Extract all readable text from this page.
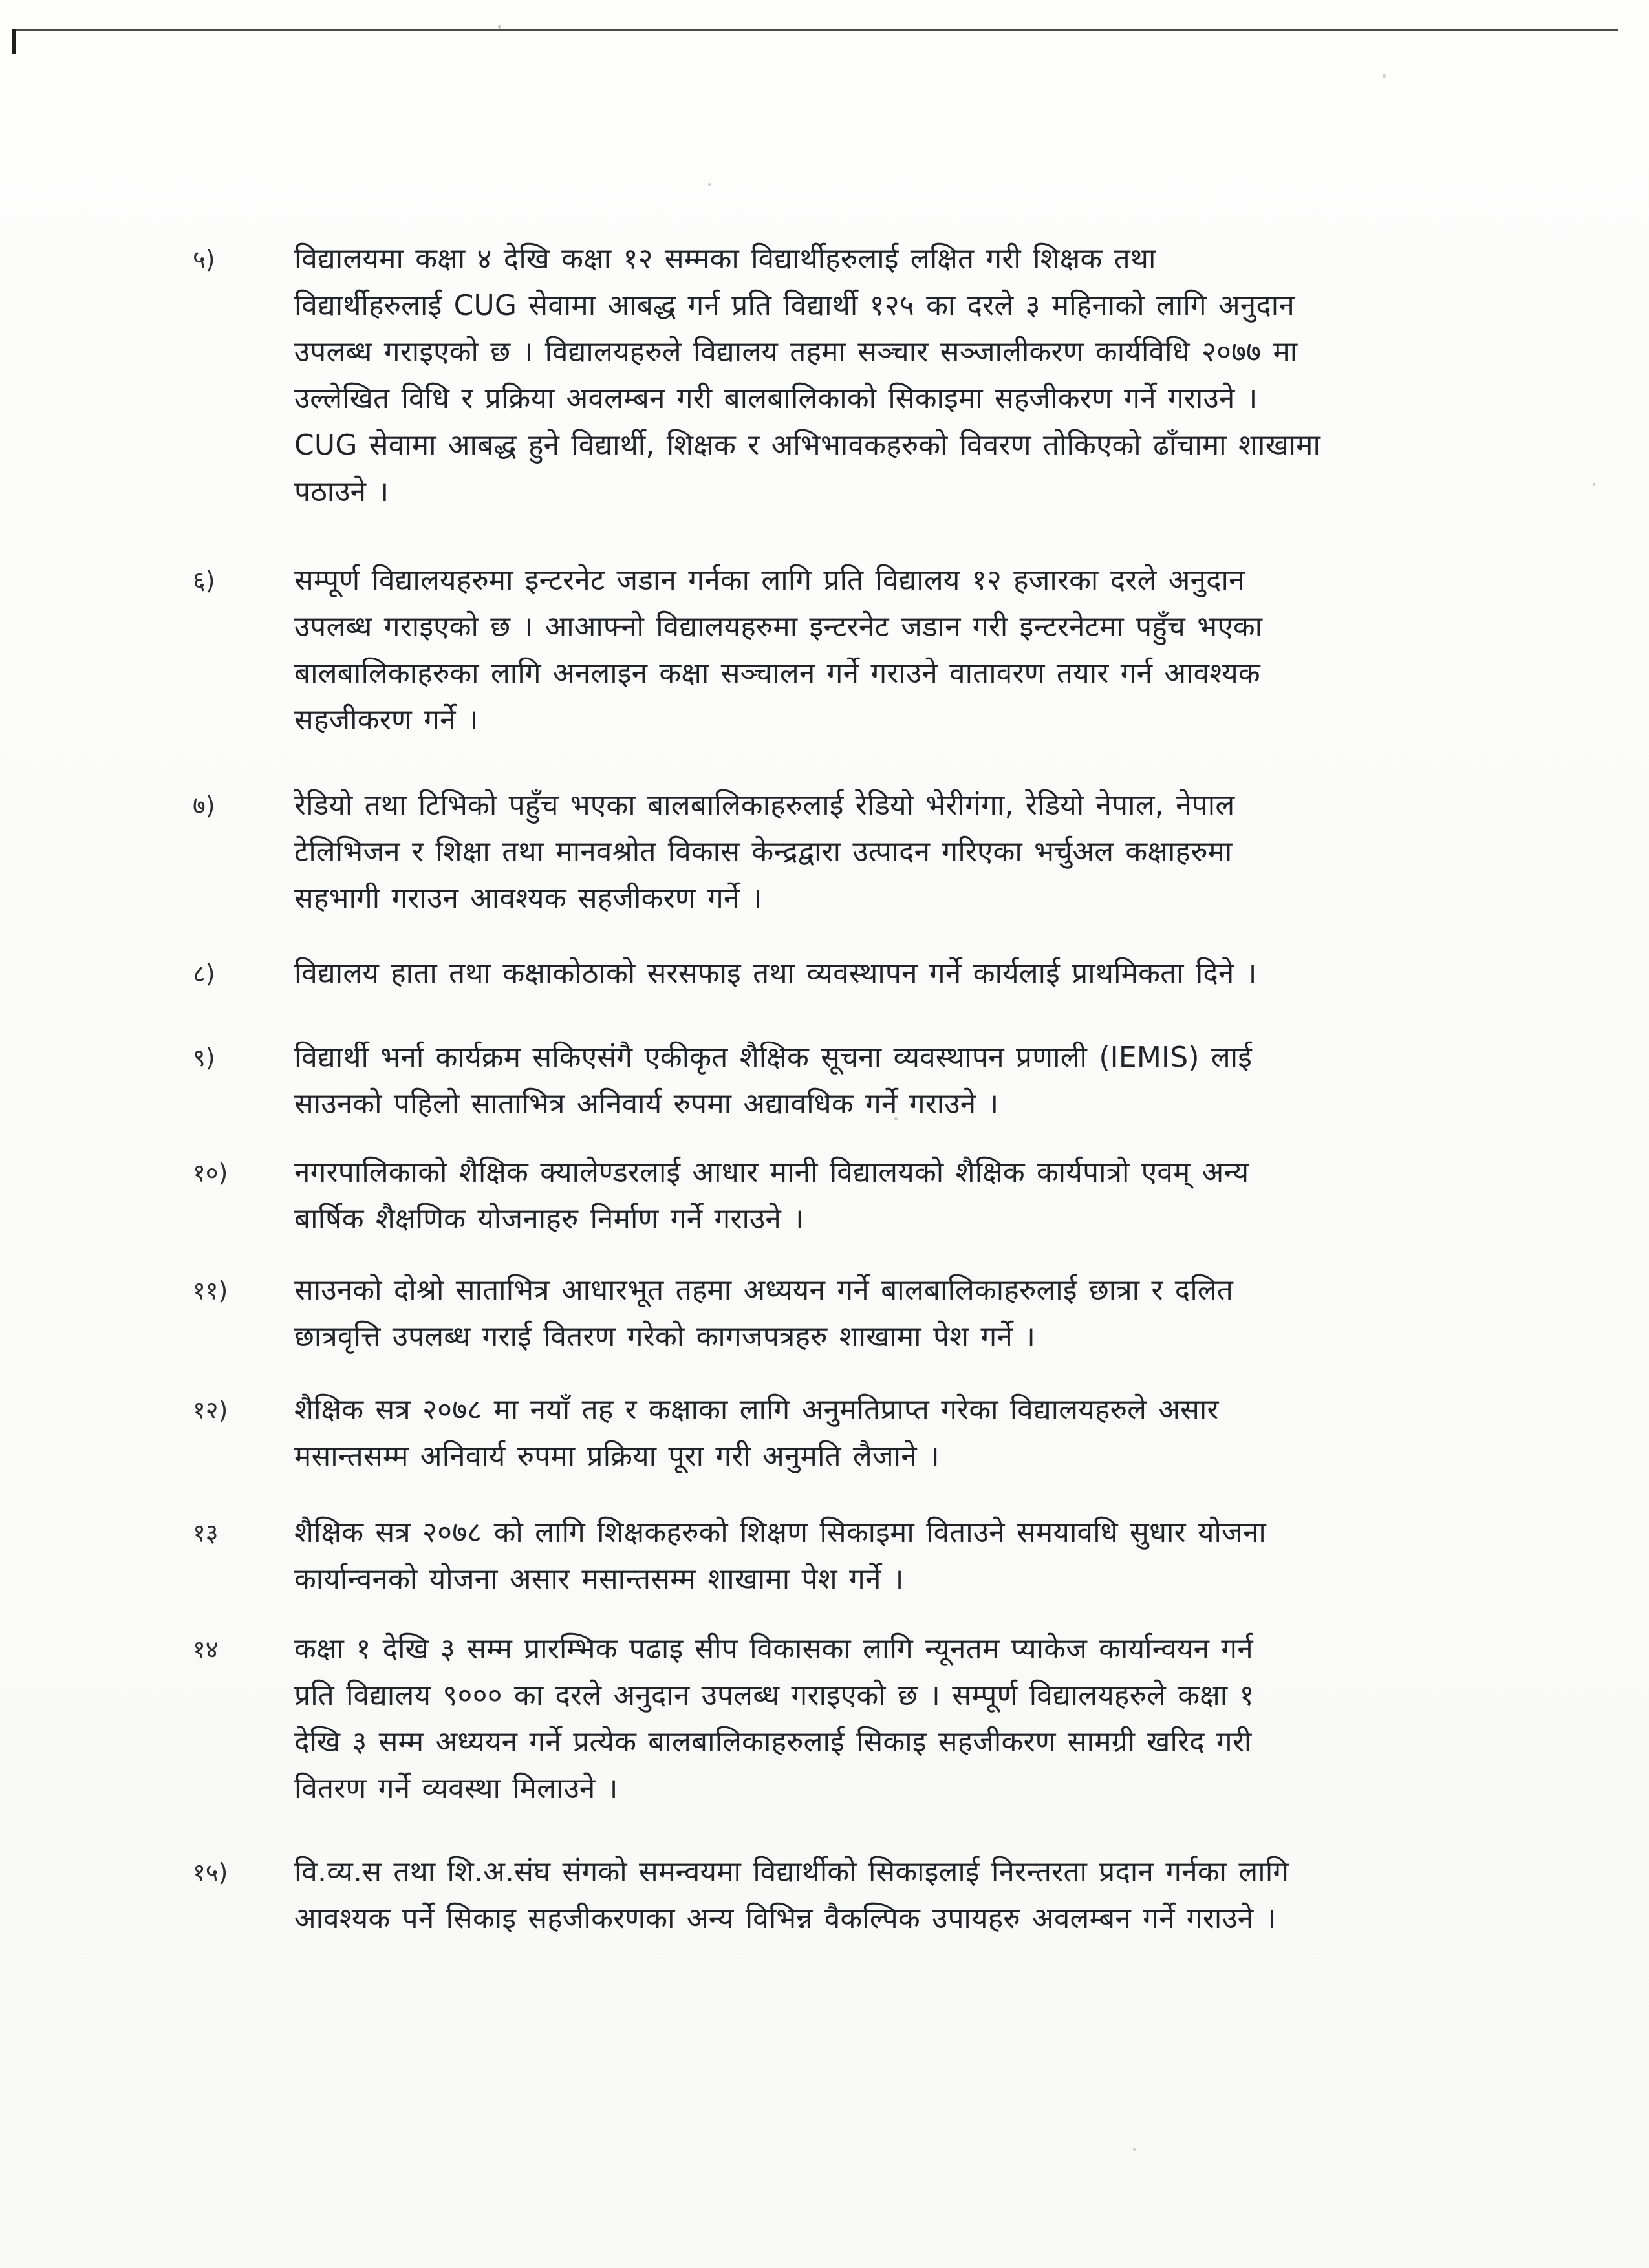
५)	विद्यालयमा कक्षा ४ देखि कक्षा १२ सम्मका विद्यार्थीहरुलाई लक्षित गरी शिक्षक तथा
विद्यार्थीहरुलाई CUG सेवामा आबद्ध गर्न प्रति विद्यार्थी १२५ का दरले ३ महिनाको लागि अनुदान
उपलब्ध गराइएको छ । विद्यालयहरुले विद्यालय तहमा सञ्चार सञ्जालीकरण कार्यविधि २०७७ मा
उल्लेखित विधि र प्रक्रिया अवलम्बन गरी बालबालिकाको सिकाइमा सहजीकरण गर्ने गराउने ।
CUG सेवामा आबद्ध हुने विद्यार्थी, शिक्षक र अभिभावकहरुको विवरण तोकिएको ढाँचामा शाखामा
पठाउने ।
६)	सम्पूर्ण विद्यालयहरुमा इन्टरनेट जडान गर्नका लागि प्रति विद्यालय १२ हजारका दरले अनुदान
उपलब्ध गराइएको छ । आआफ्नो विद्यालयहरुमा इन्टरनेट जडान गरी इन्टरनेटमा पहुँच भएका
बालबालिकाहरुका लागि अनलाइन कक्षा सञ्चालन गर्ने गराउने वातावरण तयार गर्न आवश्यक
सहजीकरण गर्ने ।
७)	रेडियो तथा टिभिको पहुँच भएका बालबालिकाहरुलाई रेडियो भेरीगंगा, रेडियो नेपाल, नेपाल
टेलिभिजन र शिक्षा तथा मानवश्रोत विकास केन्द्रद्वारा उत्पादन गरिएका भर्चुअल कक्षाहरुमा
सहभागी गराउन आवश्यक सहजीकरण गर्ने ।
८)	विद्यालय हाता तथा कक्षाकोठाको सरसफाइ तथा व्यवस्थापन गर्ने कार्यलाई प्राथमिकता दिने ।
९)	विद्यार्थी भर्ना कार्यक्रम सकिएसंगै एकीकृत शैक्षिक सूचना व्यवस्थापन प्रणाली (IEMIS) लाई
साउनको पहिलो साताभित्र अनिवार्य रुपमा अद्यावधिक गर्ने गराउने ।
१०) नगरपालिकाको शैक्षिक क्यालेण्डरलाई आधार मानी विद्यालयको शैक्षिक कार्यपात्रो एवम् अन्य
बार्षिक शैक्षणिक योजनाहरु निर्माण गर्ने गराउने ।
११) साउनको दोश्रो साताभित्र आधारभूत तहमा अध्ययन गर्ने बालबालिकाहरुलाई छात्रा र दलित
छात्रवृत्ति उपलब्ध गराई वितरण गरेको कागजपत्रहरु शाखामा पेश गर्ने ।
१२) शैक्षिक सत्र २०७८ मा नयाँ तह र कक्षाका लागि अनुमतिप्राप्त गरेका विद्यालयहरुले असार
मसान्तसम्म अनिवार्य रुपमा प्रक्रिया पूरा गरी अनुमति लैजाने ।
१३	शैक्षिक सत्र २०७८ को लागि शिक्षकहरुको शिक्षण सिकाइमा विताउने समयावधि सुधार योजना
कार्यान्वनको योजना असार मसान्तसम्म शाखामा पेश गर्ने ।
१४	कक्षा १ देखि ३ सम्म प्रारम्भिक पढाइ सीप विकासका लागि न्यूनतम प्याकेज कार्यान्वयन गर्न
प्रति विद्यालय ९००० का दरले अनुदान उपलब्ध गराइएको छ । सम्पूर्ण विद्यालयहरुले कक्षा १
देखि ३ सम्म अध्ययन गर्ने प्रत्येक बालबालिकाहरुलाई सिकाइ सहजीकरण सामग्री खरिद गरी
वितरण गर्ने व्यवस्था मिलाउने ।
१५) वि.व्य.स तथा शि.अ.संघ संगको समन्वयमा विद्यार्थीको सिकाइलाई निरन्तरता प्रदान गर्नका लागि
आवश्यक पर्ने सिकाइ सहजीकरणका अन्य विभिन्न वैकल्पिक उपायहरु अवलम्बन गर्ने गराउने ।
